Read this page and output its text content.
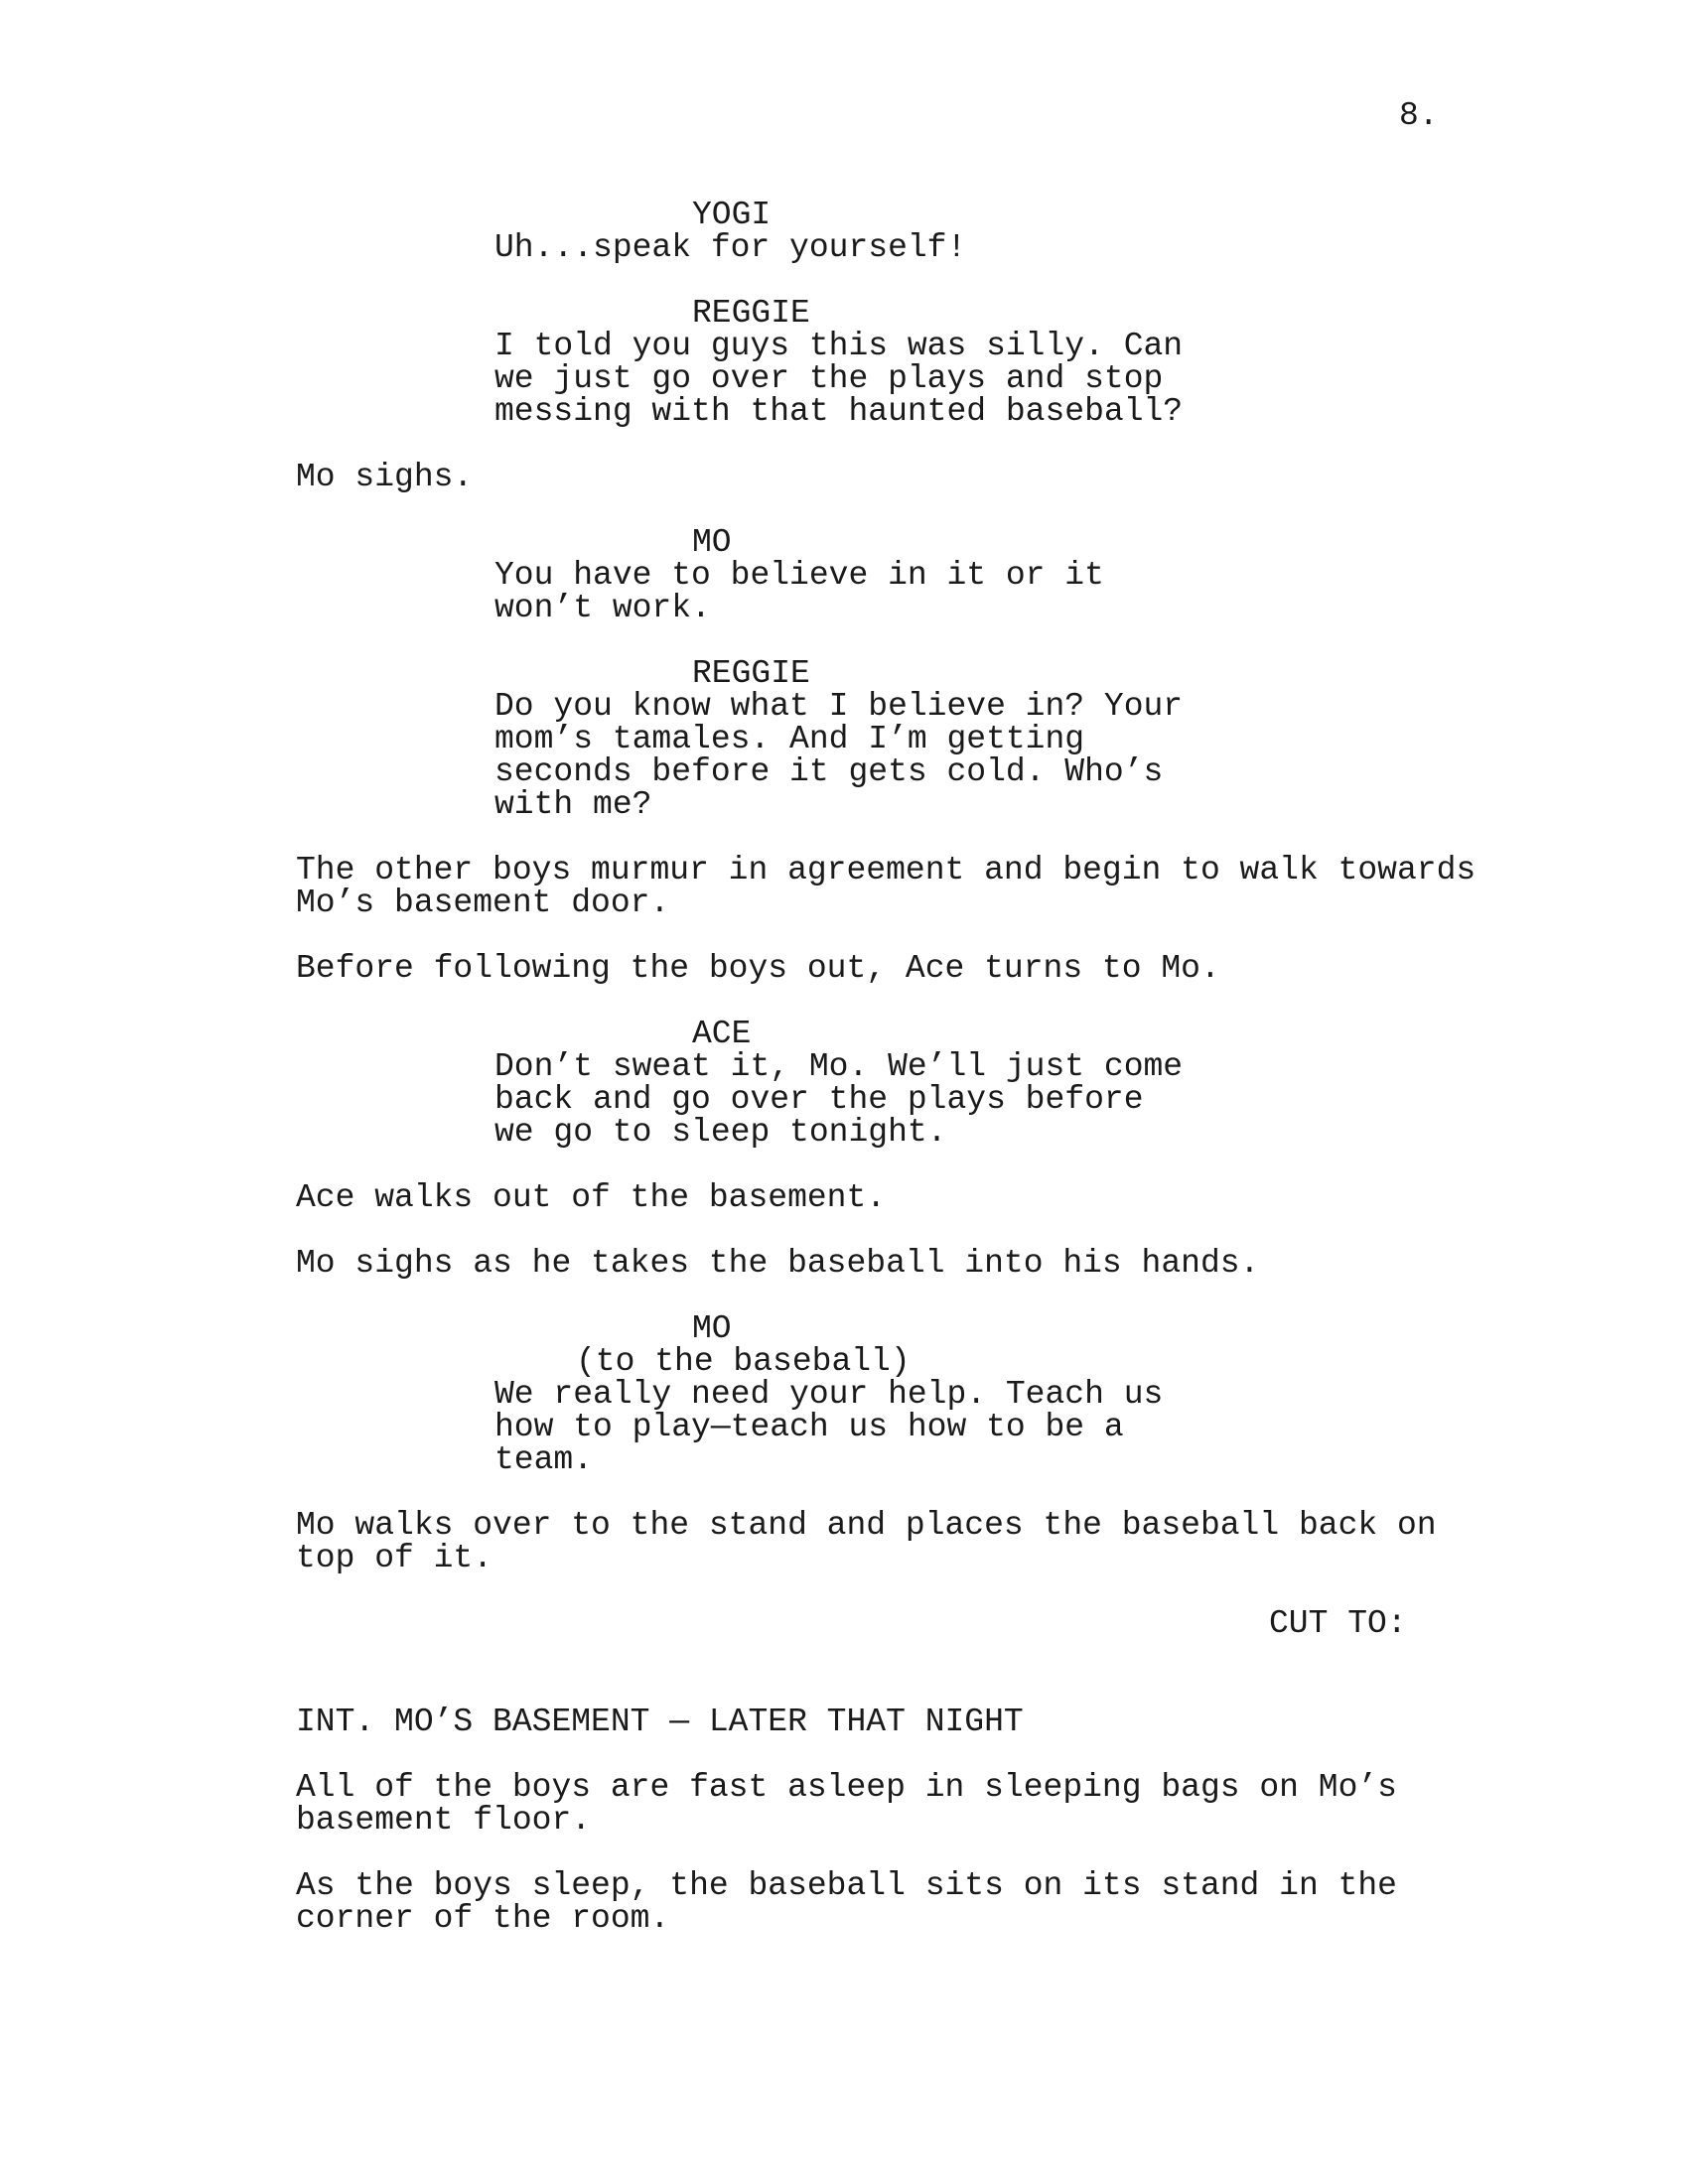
8.
YOGI
Uh...speak for yourself!
REGGIE
I told you guys this was silly. Can
we just go over the plays and stop
messing with that haunted baseball?
Mo sighs.
MO
You have to believe in it or it
won’t work.
REGGIE
Do you know what I believe in? Your
mom’s tamales. And I’m getting
seconds before it gets cold. Who’s
with me?
The other boys murmur in agreement and begin to walk towards
Mo’s basement door.
Before following the boys out, Ace turns to Mo.
ACE
Don’t sweat it, Mo. We’ll just come
back and go over the plays before
we go to sleep tonight.
Ace walks out of the basement.
Mo sighs as he takes the baseball into his hands.
MO
(to the baseball)
We really need your help. Teach us
how to play—teach us how to be a
team.
Mo walks over to the stand and places the baseball back on
top of it.
CUT TO:
INT. MO’S BASEMENT — LATER THAT NIGHT
All of the boys are fast asleep in sleeping bags on Mo’s
basement floor.
As the boys sleep, the baseball sits on its stand in the
corner of the room.
